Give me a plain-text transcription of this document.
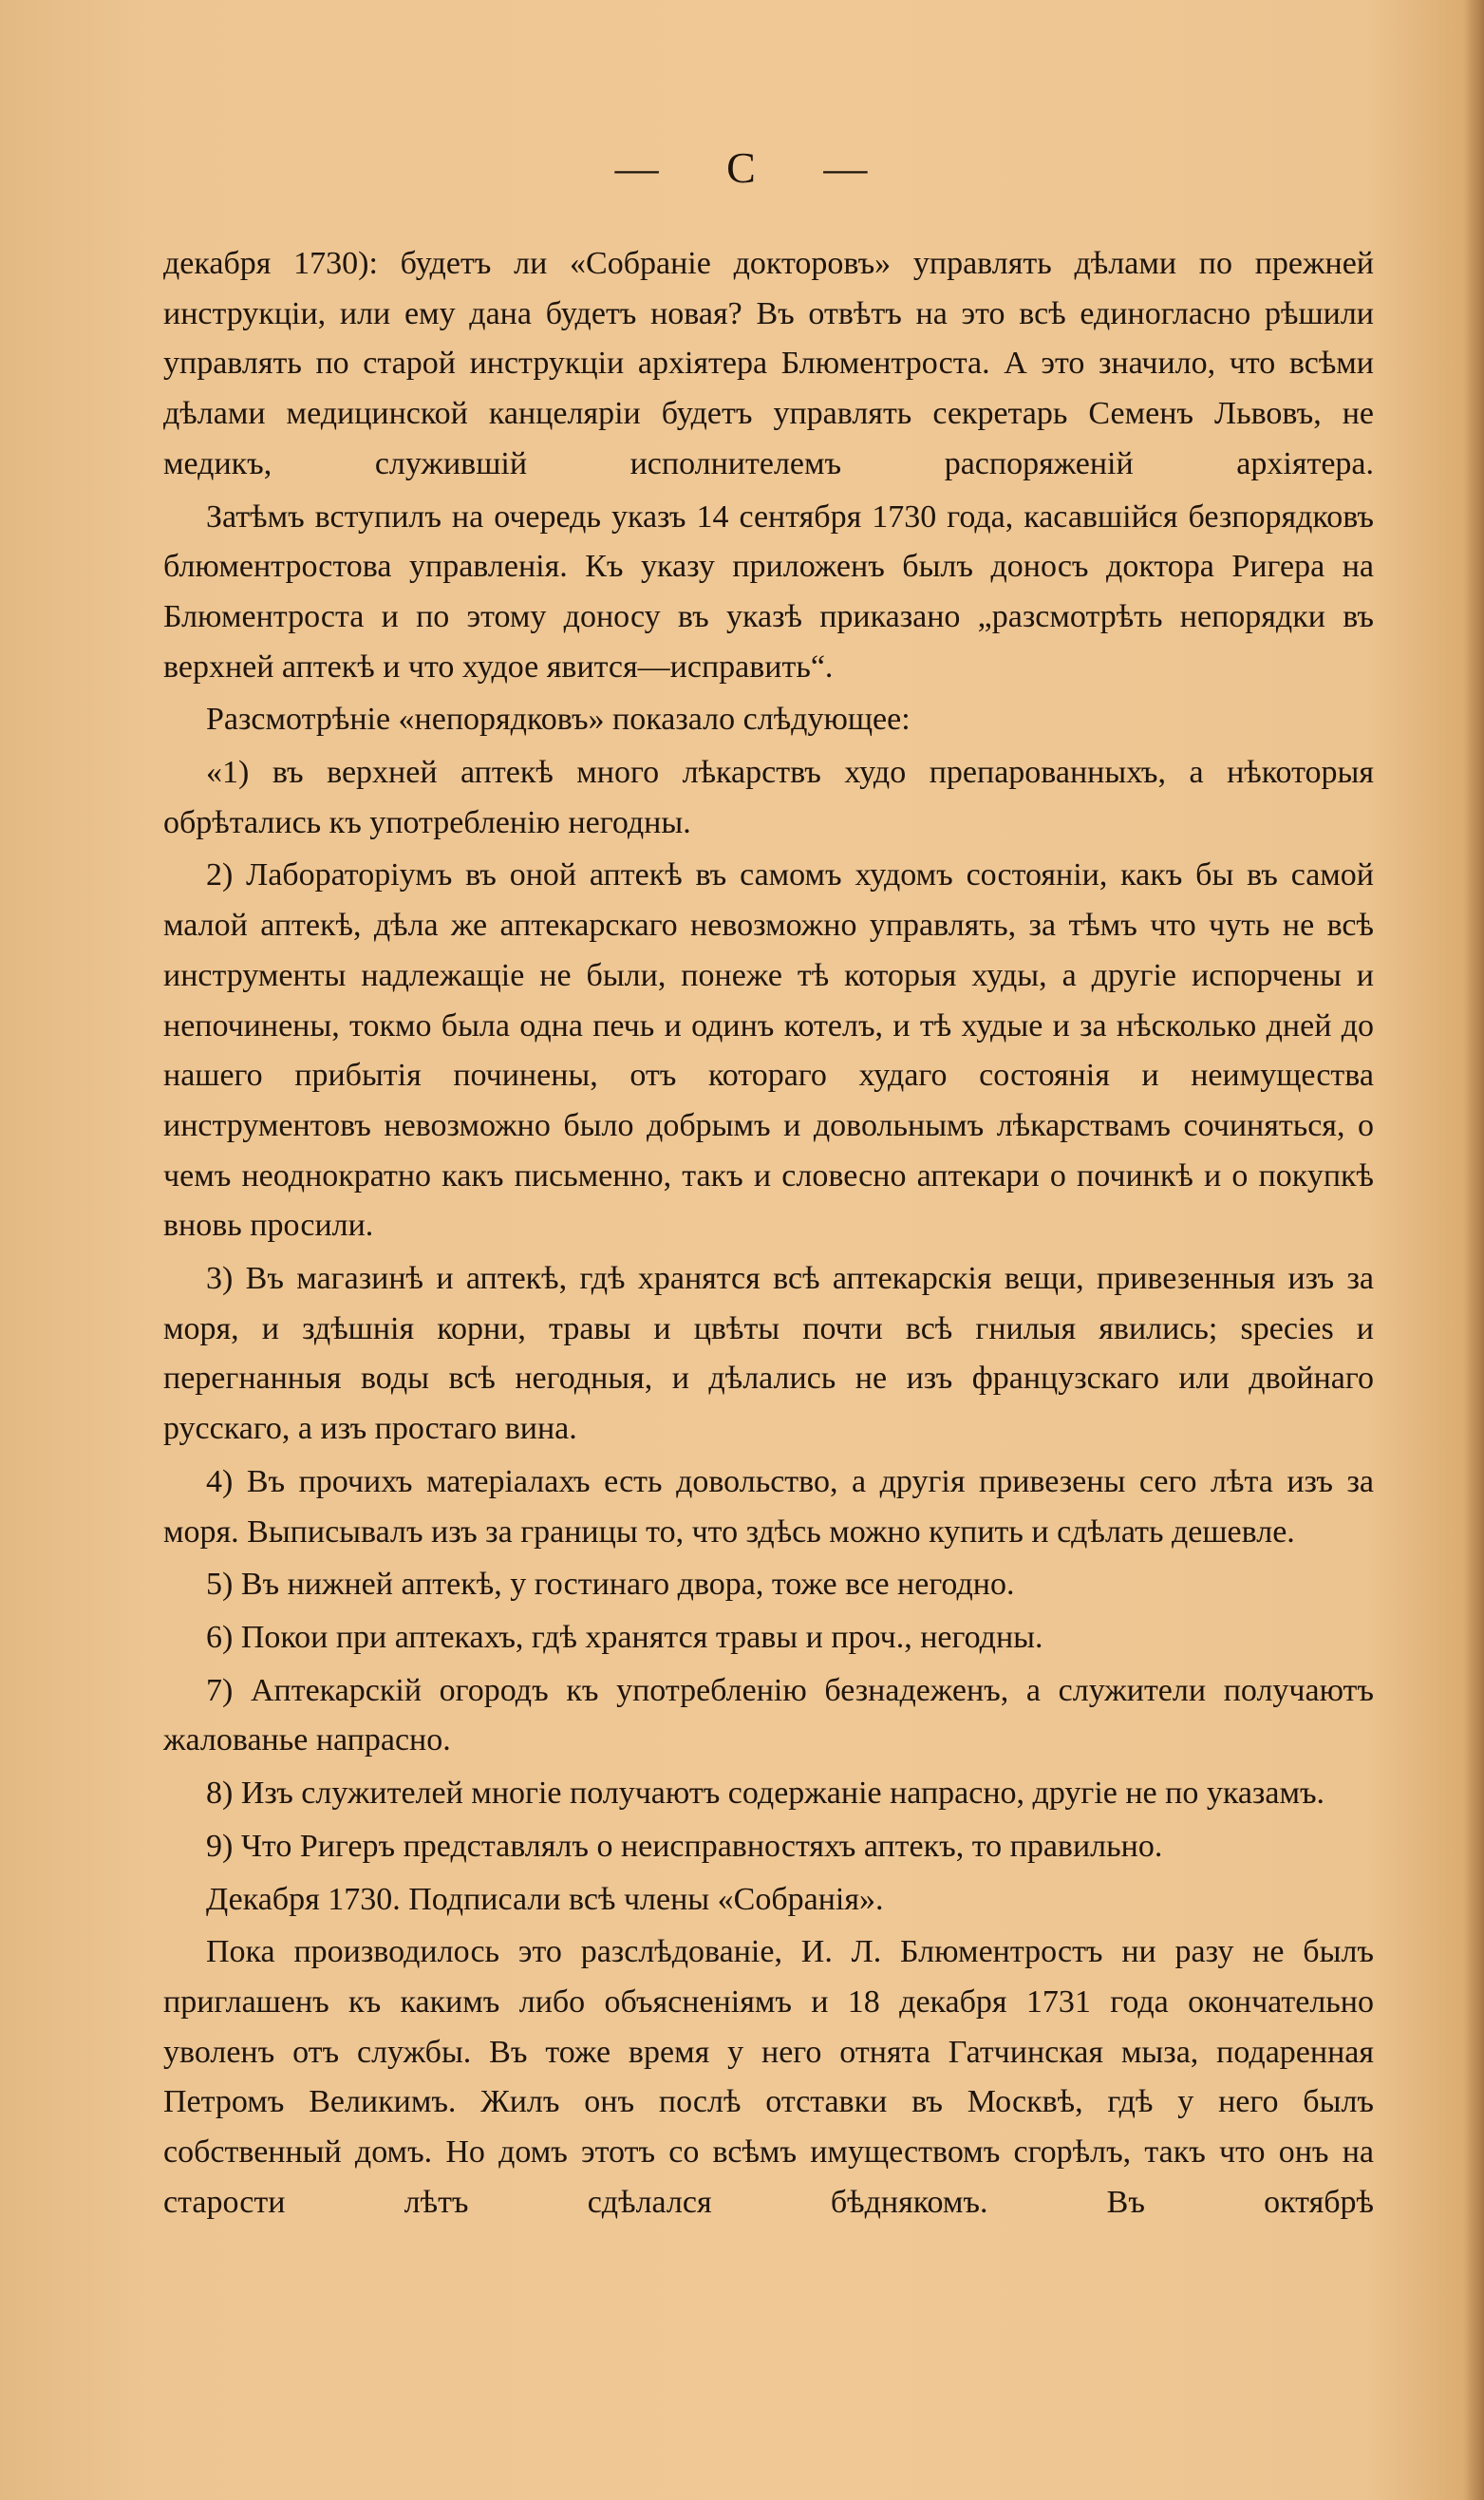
— С —

декабря 1730): будетъ ли «Собраніе докторовъ» управлять дѣлами по прежней инструкціи, или ему дана будетъ новая? Въ отвѣтъ на это всѣ единогласно рѣшили управлять по старой инструкціи архіятера Блюментроста. А это значило, что всѣми дѣлами медицинской канцеляріи будетъ управлять секретарь Семенъ Львовъ, не медикъ, служившій исполнителемъ распоряженій архіятера.

Затѣмъ вступилъ на очередь указъ 14 сентября 1730 года, касавшійся безпорядковъ блюментростова управленія. Къ указу приложенъ былъ доносъ доктора Ригера на Блюментроста и по этому доносу въ указѣ приказано „разсмотрѣть непорядки въ верхней аптекѣ и что худое явится—исправить“.

Разсмотрѣніе «непорядковъ» показало слѣдующее:

«1) въ верхней аптекѣ много лѣкарствъ худо препарованныхъ, а нѣкоторыя обрѣтались къ употребленію негодны.

2) Лабораторіумъ въ оной аптекѣ въ самомъ худомъ состояніи, какъ бы въ самой малой аптекѣ, дѣла же аптекарскаго невозможно управлять, за тѣмъ что чуть не всѣ инструменты надлежащіе не были, понеже тѣ которыя худы, а другіе испорчены и непочинены, токмо была одна печь и одинъ котелъ, и тѣ худые и за нѣсколько дней до нашего прибытія починены, отъ котораго худаго состоянія и неимущества инструментовъ невозможно было добрымъ и довольнымъ лѣкарствамъ сочиняться, о чемъ неоднократно какъ письменно, такъ и словесно аптекари о починкѣ и о покупкѣ вновь просили.

3) Въ магазинѣ и аптекѣ, гдѣ хранятся всѣ аптекарскія вещи, привезенныя изъ за моря, и здѣшнія корни, травы и цвѣты почти всѣ гнилыя явились; species и перегнанныя воды всѣ негодныя, и дѣлались не изъ французскаго или двойнаго русскаго, а изъ простаго вина.

4) Въ прочихъ матеріалахъ есть довольство, а другія привезены сего лѣта изъ за моря. Выписывалъ изъ за границы то, что здѣсь можно купить и сдѣлать дешевле.

5) Въ нижней аптекѣ, у гостинаго двора, тоже все негодно.

6) Покои при аптекахъ, гдѣ хранятся травы и проч., негодны.

7) Аптекарскій огородъ къ употребленію безнадеженъ, а служители получаютъ жалованье напрасно.

8) Изъ служителей многіе получаютъ содержаніе напрасно, другіе не по указамъ.

9) Что Ригеръ представлялъ о неисправностяхъ аптекъ, то правильно.

Декабря 1730. Подписали всѣ члены «Собранія».

Пока производилось это разслѣдованіе, И. Л. Блюментростъ ни разу не былъ приглашенъ къ какимъ либо объясненіямъ и 18 декабря 1731 года окончательно уволенъ отъ службы. Въ тоже время у него отнята Гатчинская мыза, подаренная Петромъ Великимъ. Жилъ онъ послѣ отставки въ Москвѣ, гдѣ у него былъ собственный домъ. Но домъ этотъ со всѣмъ имуществомъ сгорѣлъ, такъ что онъ на старости лѣтъ сдѣлался бѣднякомъ. Въ октябрѣ
